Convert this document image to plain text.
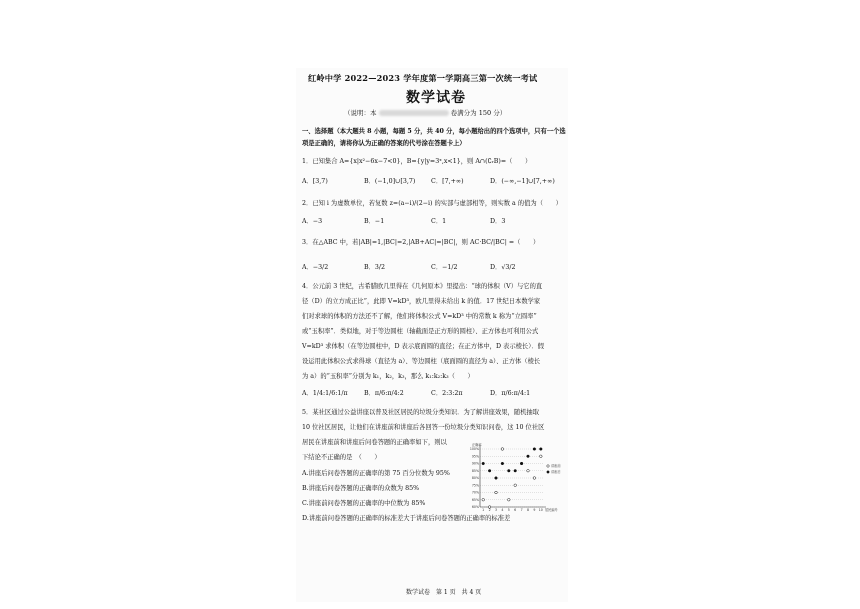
红岭中学 2022—2023 学年度第一学期高三第一次统一考试
数学试卷
（说明：本	卷满分为 150 分）
一、选择题（本大题共 8 小题，每题 5 分，共 40 分，每小题给出的四个选项中，只有一个选
项是正确的，请将你认为正确的答案的代号涂在答题卡上）
1．已知集合 A={x|x²−6x−7<0}，B={y|y=3ˣ,x<1}，则 A∩(∁ᵣB)=（　　）
A．[3,7)	B．(−1,0]∪[3,7) C．[7,+∞)	D．(−∞,−1]∪[7,+∞)
2．已知 i 为虚数单位，若复数 z=(a−i)/(2−i) 的实部与虚部相等，则实数 a 的值为（　　）
A．−3	B．−1	C．1	D．3
3．在△ABC 中，若|AB|=1,|BC|=2,|AB+AC|=|BC|，则 AC·BC/|BC| =（　　）
A．−3/2	B．3/2	C．−1/2	D．√3/2
4．公元前 3 世纪，古希腊欧几里得在《几何原本》里提出：“球的体积（V）与它的直
径（D）的立方成正比”，此即 V=kD³，欧几里得未给出 k 的值．17 世纪日本数学家
们对求球的体积的方法还不了解，他们将体积公式 V=kD³ 中的常数 k 称为“立圆率”
或“玉积率”．类似地，对于等边圆柱（轴截面是正方形的圆柱）、正方体也可利用公式
V=kD³ 求体积（在等边圆柱中，D 表示底面圆的直径；在正方体中，D 表示棱长）．假
设运用此体积公式求得球（直径为 a）、等边圆柱（底面圆的直径为 a）、正方体（棱长
为 a）的“玉积率”分别为 k₁，k₂，k₃，那么 k₁:k₂:k₃（　　）
A．1/4:1/6:1/π	B．π/6:π/4:2	C．2:3:2π	D．π/6:π/4:1
5．某社区通过公益讲座以普及社区居民的垃圾分类知识．为了解讲座效果，随机抽取
10 位社区居民，让他们在讲座前和讲座后各回答一份垃圾分类知识问卷，这 10 位社区
居民在讲座前和讲座后问卷答题的正确率如下，则以
下结论不正确的是　（　　）
A.讲座后问卷答题的正确率的第 75 百分位数为 95%
B.讲座后问卷答题的正确率的众数为 85%
C.讲座前问卷答题的正确率的中位数为 85%
D.讲座前问卷答题的正确率的标准差大于讲座后问卷答题的正确率的标准差
100%
95%
90%
85%
80%
75%
70%
65%
60%
1 2 3 4 5 6 7 8 9 10
正确率
居民编号
讲座前
讲座后
数学试卷　第 1 页　共 4 页
